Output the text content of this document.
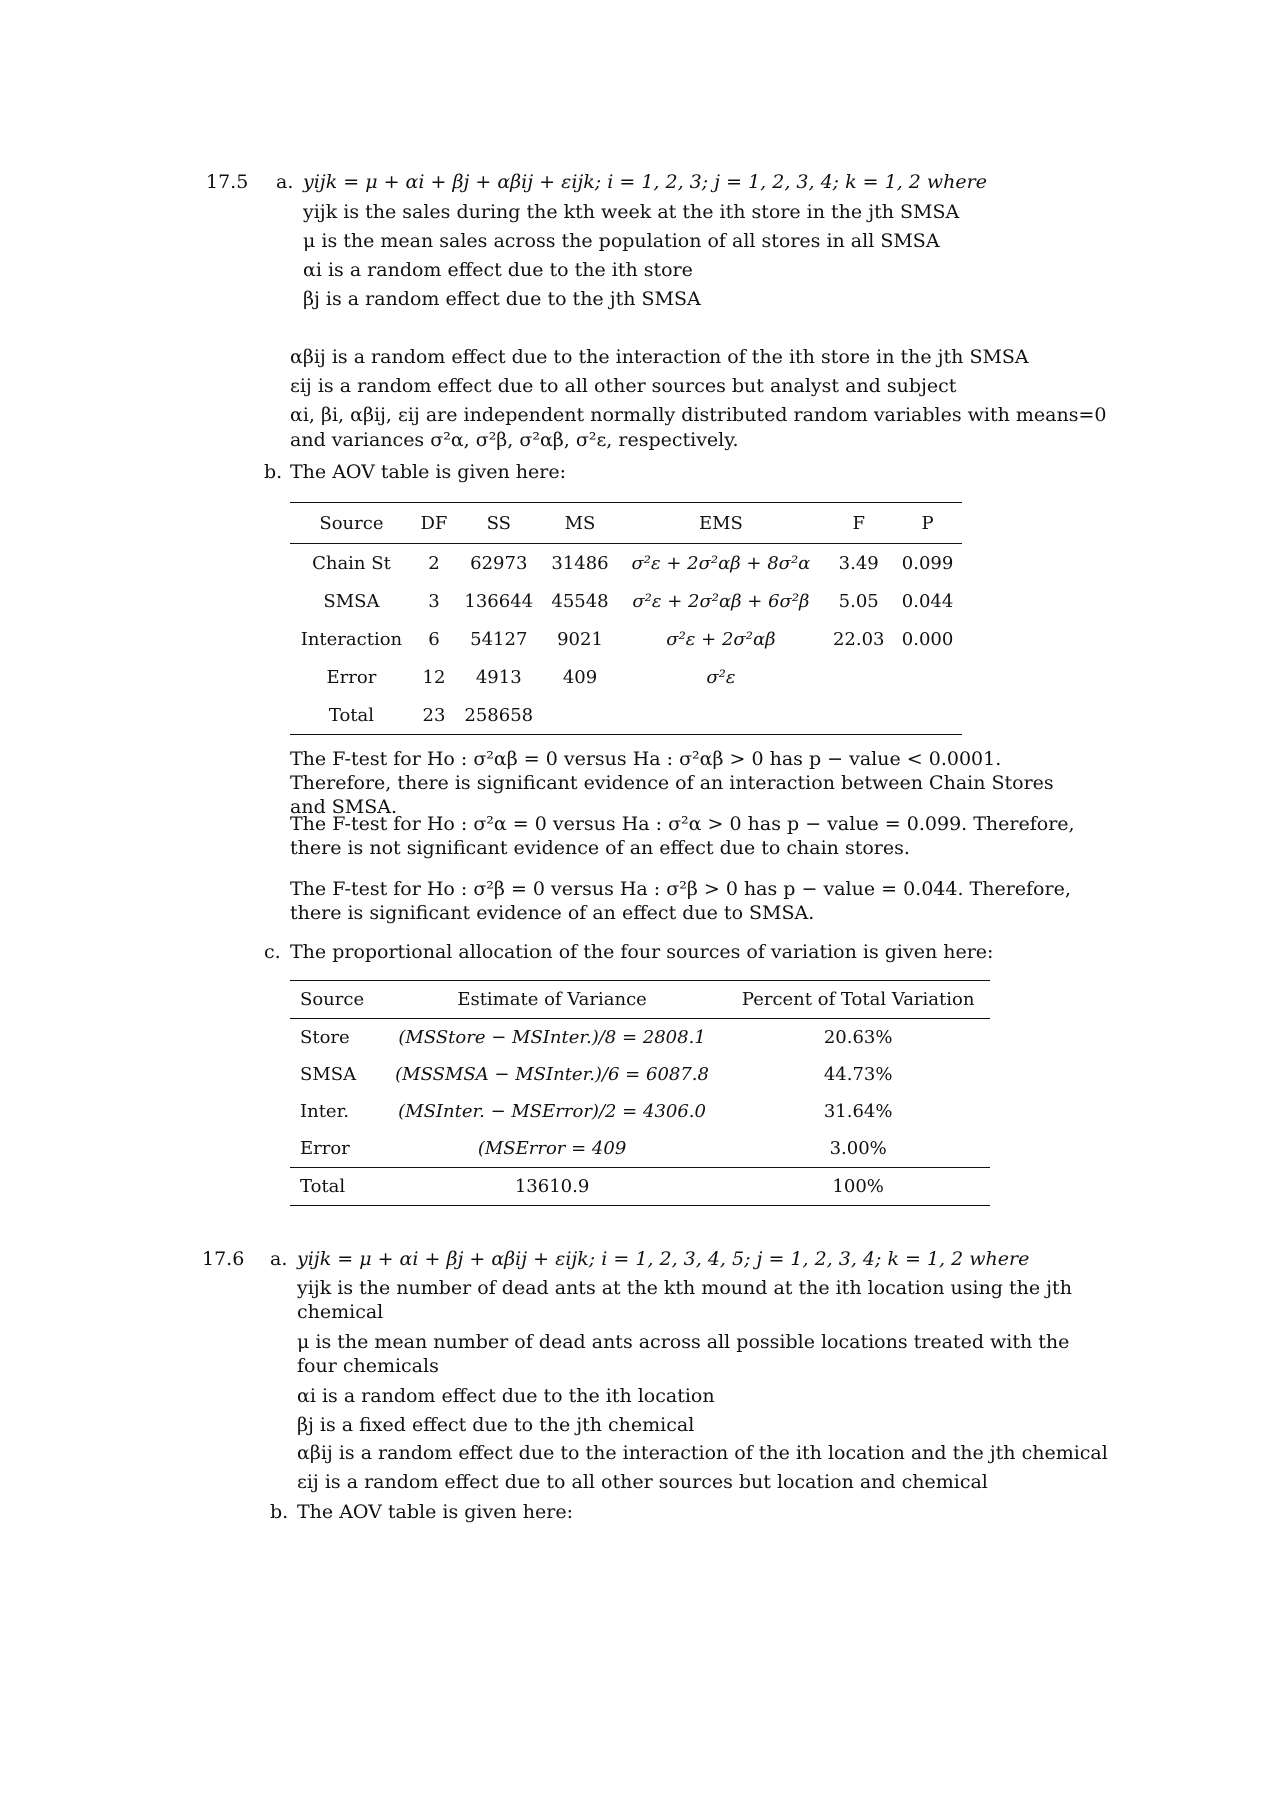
17.5 a. yijk = μ + αi + βj + αβij + εijk; i = 1, 2, 3; j = 1, 2, 3, 4; k = 1, 2 where
yijk is the sales during the kth week at the ith store in the jth SMSA
μ is the mean sales across the population of all stores in all SMSA
αi is a random effect due to the ith store
βj is a random effect due to the jth SMSA
αβij is a random effect due to the interaction of the ith store in the jth SMSA
εij is a random effect due to all other sources but analyst and subject
αi, βi, αβij, εij are independent normally distributed random variables with means=0
and variances σ²α, σ²β, σ²αβ, σ²ε, respectively.
b. The AOV table is given here:
Source	DF	SS	MS	EMS	F	P
Chain St	2	62973	31486	σ²ε + 2σ²αβ + 8σ²α	3.49	0.099
SMSA	3	136644	45548	σ²ε + 2σ²αβ + 6σ²β	5.05	0.044
Interaction	6	54127	9021	σ²ε + 2σ²αβ	22.03	0.000
Error	12	4913	409	σ²ε		
Total	23	258658				
The F-test for Ho : σ²αβ = 0 versus Ha : σ²αβ > 0 has p − value < 0.0001. Therefore, there is significant evidence of an interaction between Chain Stores and SMSA.
The F-test for Ho : σ²α = 0 versus Ha : σ²α > 0 has p − value = 0.099. Therefore, there is not significant evidence of an effect due to chain stores.
The F-test for Ho : σ²β = 0 versus Ha : σ²β > 0 has p − value = 0.044. Therefore, there is significant evidence of an effect due to SMSA.
c. The proportional allocation of the four sources of variation is given here:
Source	Estimate of Variance	Percent of Total Variation
Store	(MSStore − MSInter.)/8 = 2808.1	20.63%
SMSA	(MSSMSA − MSInter.)/6 = 6087.8	44.73%
Inter.	(MSInter. − MSError)/2 = 4306.0	31.64%
Error	(MSError = 409	3.00%
Total	13610.9	100%
17.6 a. yijk = μ + αi + βj + αβij + εijk; i = 1, 2, 3, 4, 5; j = 1, 2, 3, 4; k = 1, 2 where
yijk is the number of dead ants at the kth mound at the ith location using the jth chemical
μ is the mean number of dead ants across all possible locations treated with the four chemicals
αi is a random effect due to the ith location
βj is a fixed effect due to the jth chemical
αβij is a random effect due to the interaction of the ith location and the jth chemical
εij is a random effect due to all other sources but location and chemical
b. The AOV table is given here:
